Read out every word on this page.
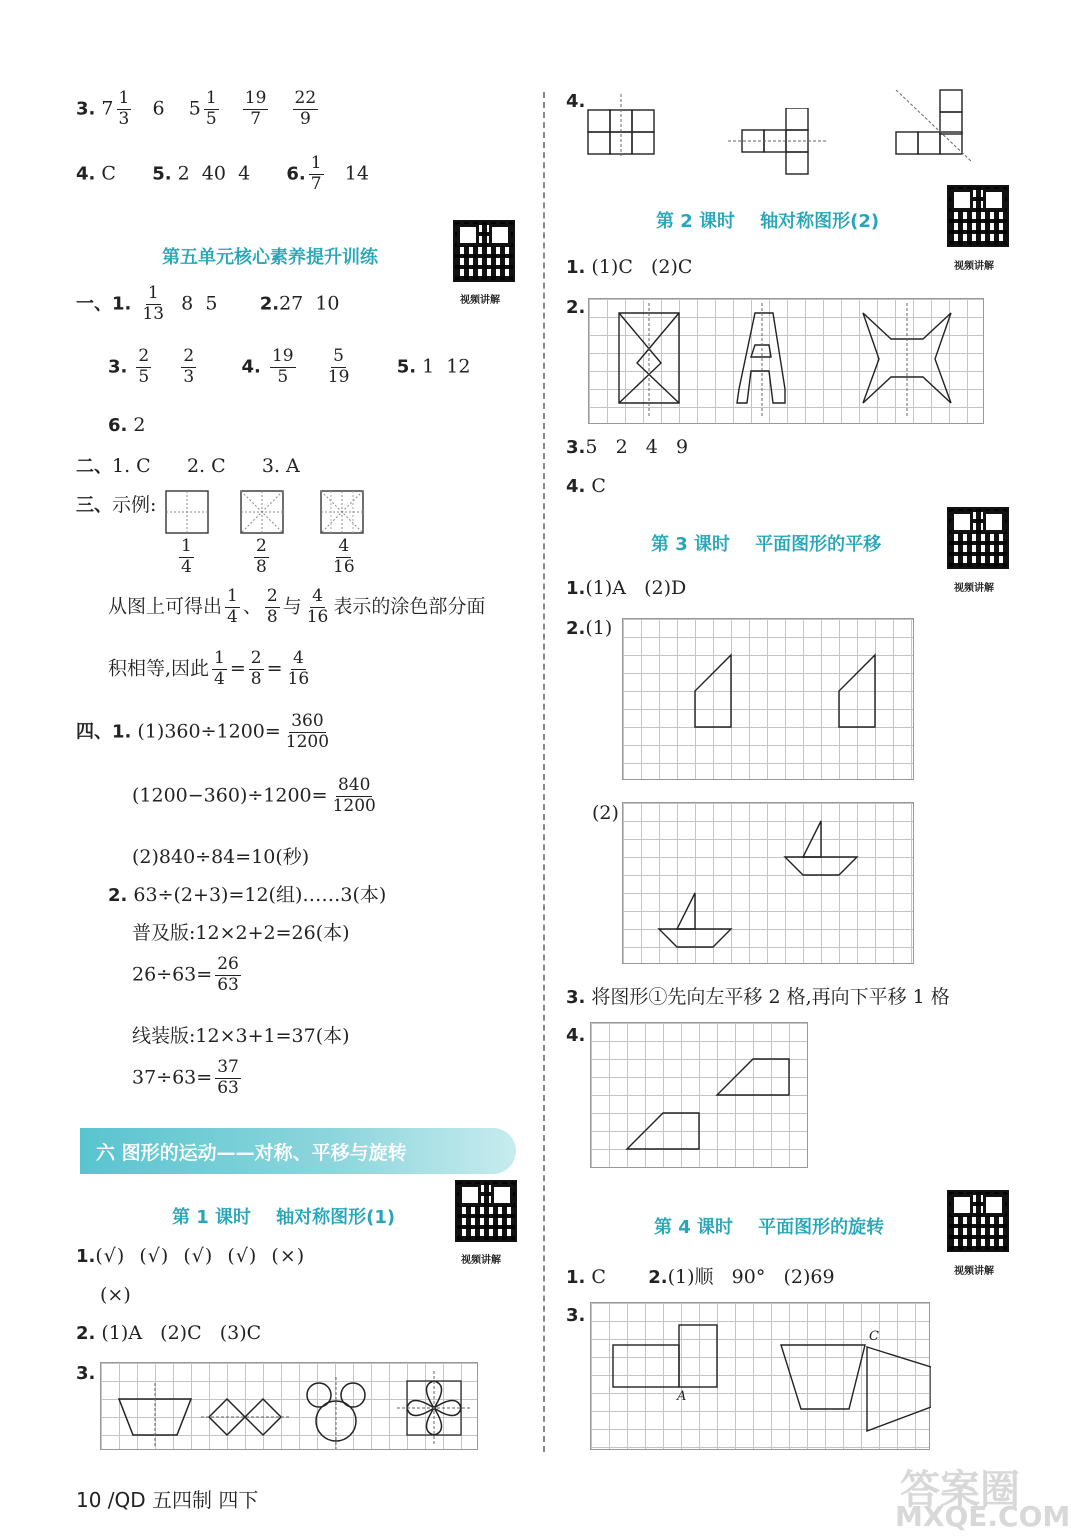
3. $7 \frac{1}{3} 6$ $5 \frac{1}{5}$
$\frac{19}{7}$
$\frac{22}{9}$
4. C 5. 2  40  4 6. $\frac{1}{7} 14$
第五单元核心素养提升训练
视频讲解
一、1. $\frac{1}{13} 8$  5 2.27  10
3. $\frac{2}{5}$
$\frac{2}{3}$	4. $\frac{19}{5}$
$\frac{5}{19}$	5. 1  12
6. 2
二、1. C      2. C      3. A
三、示例:
$\frac{1}{4}$	$\frac{2}{8}$	$\frac{4}{16}$
从图上可得出 $\frac{1}{4}$ 、 $\frac{2}{8}$ 与 $\frac{4}{16}$ 表示的涂色部分面
积相等,因此 $\frac{1}{4} = \frac{2}{8} = \frac{4}{16}$
四、1. $(1)360\div 1200= \frac{360}{1200}$
$(1200-360)\div 1200= \frac{840}{1200}$
(2)840÷84=10(秒)
2. 63÷(2+3)=12(组)……3(本)
普及版:12×2+2=26(本)
$26\div 63= \frac{26}{63}$
线装版:12×3+1=37(本)
$37\div 63= \frac{37}{63}$
六 图形的运动——对称、平移与旋转
第 1 课时    轴对称图形(1)
视频讲解
1.(√)  (√)  (√)  (√)  (×)
(×)
2. (1)A   (2)C   (3)C
3.
4.
第 2 课时    轴对称图形(2)
视频讲解
1. (1)C   (2)C
2.
3.5   2   4   9
4. C
第 3 课时    平面图形的平移
视频讲解
1.(1)A   (2)D
2.(1)
(2)
3. 将图形①先向左平移 2 格,再向下平移 1 格
4.
第 4 课时    平面图形的旋转
视频讲解
1. C 2.(1)顺   90°   (2)69
3.
C
A
10 /QD 五四制 四下	答案圈
MXQE.COM
